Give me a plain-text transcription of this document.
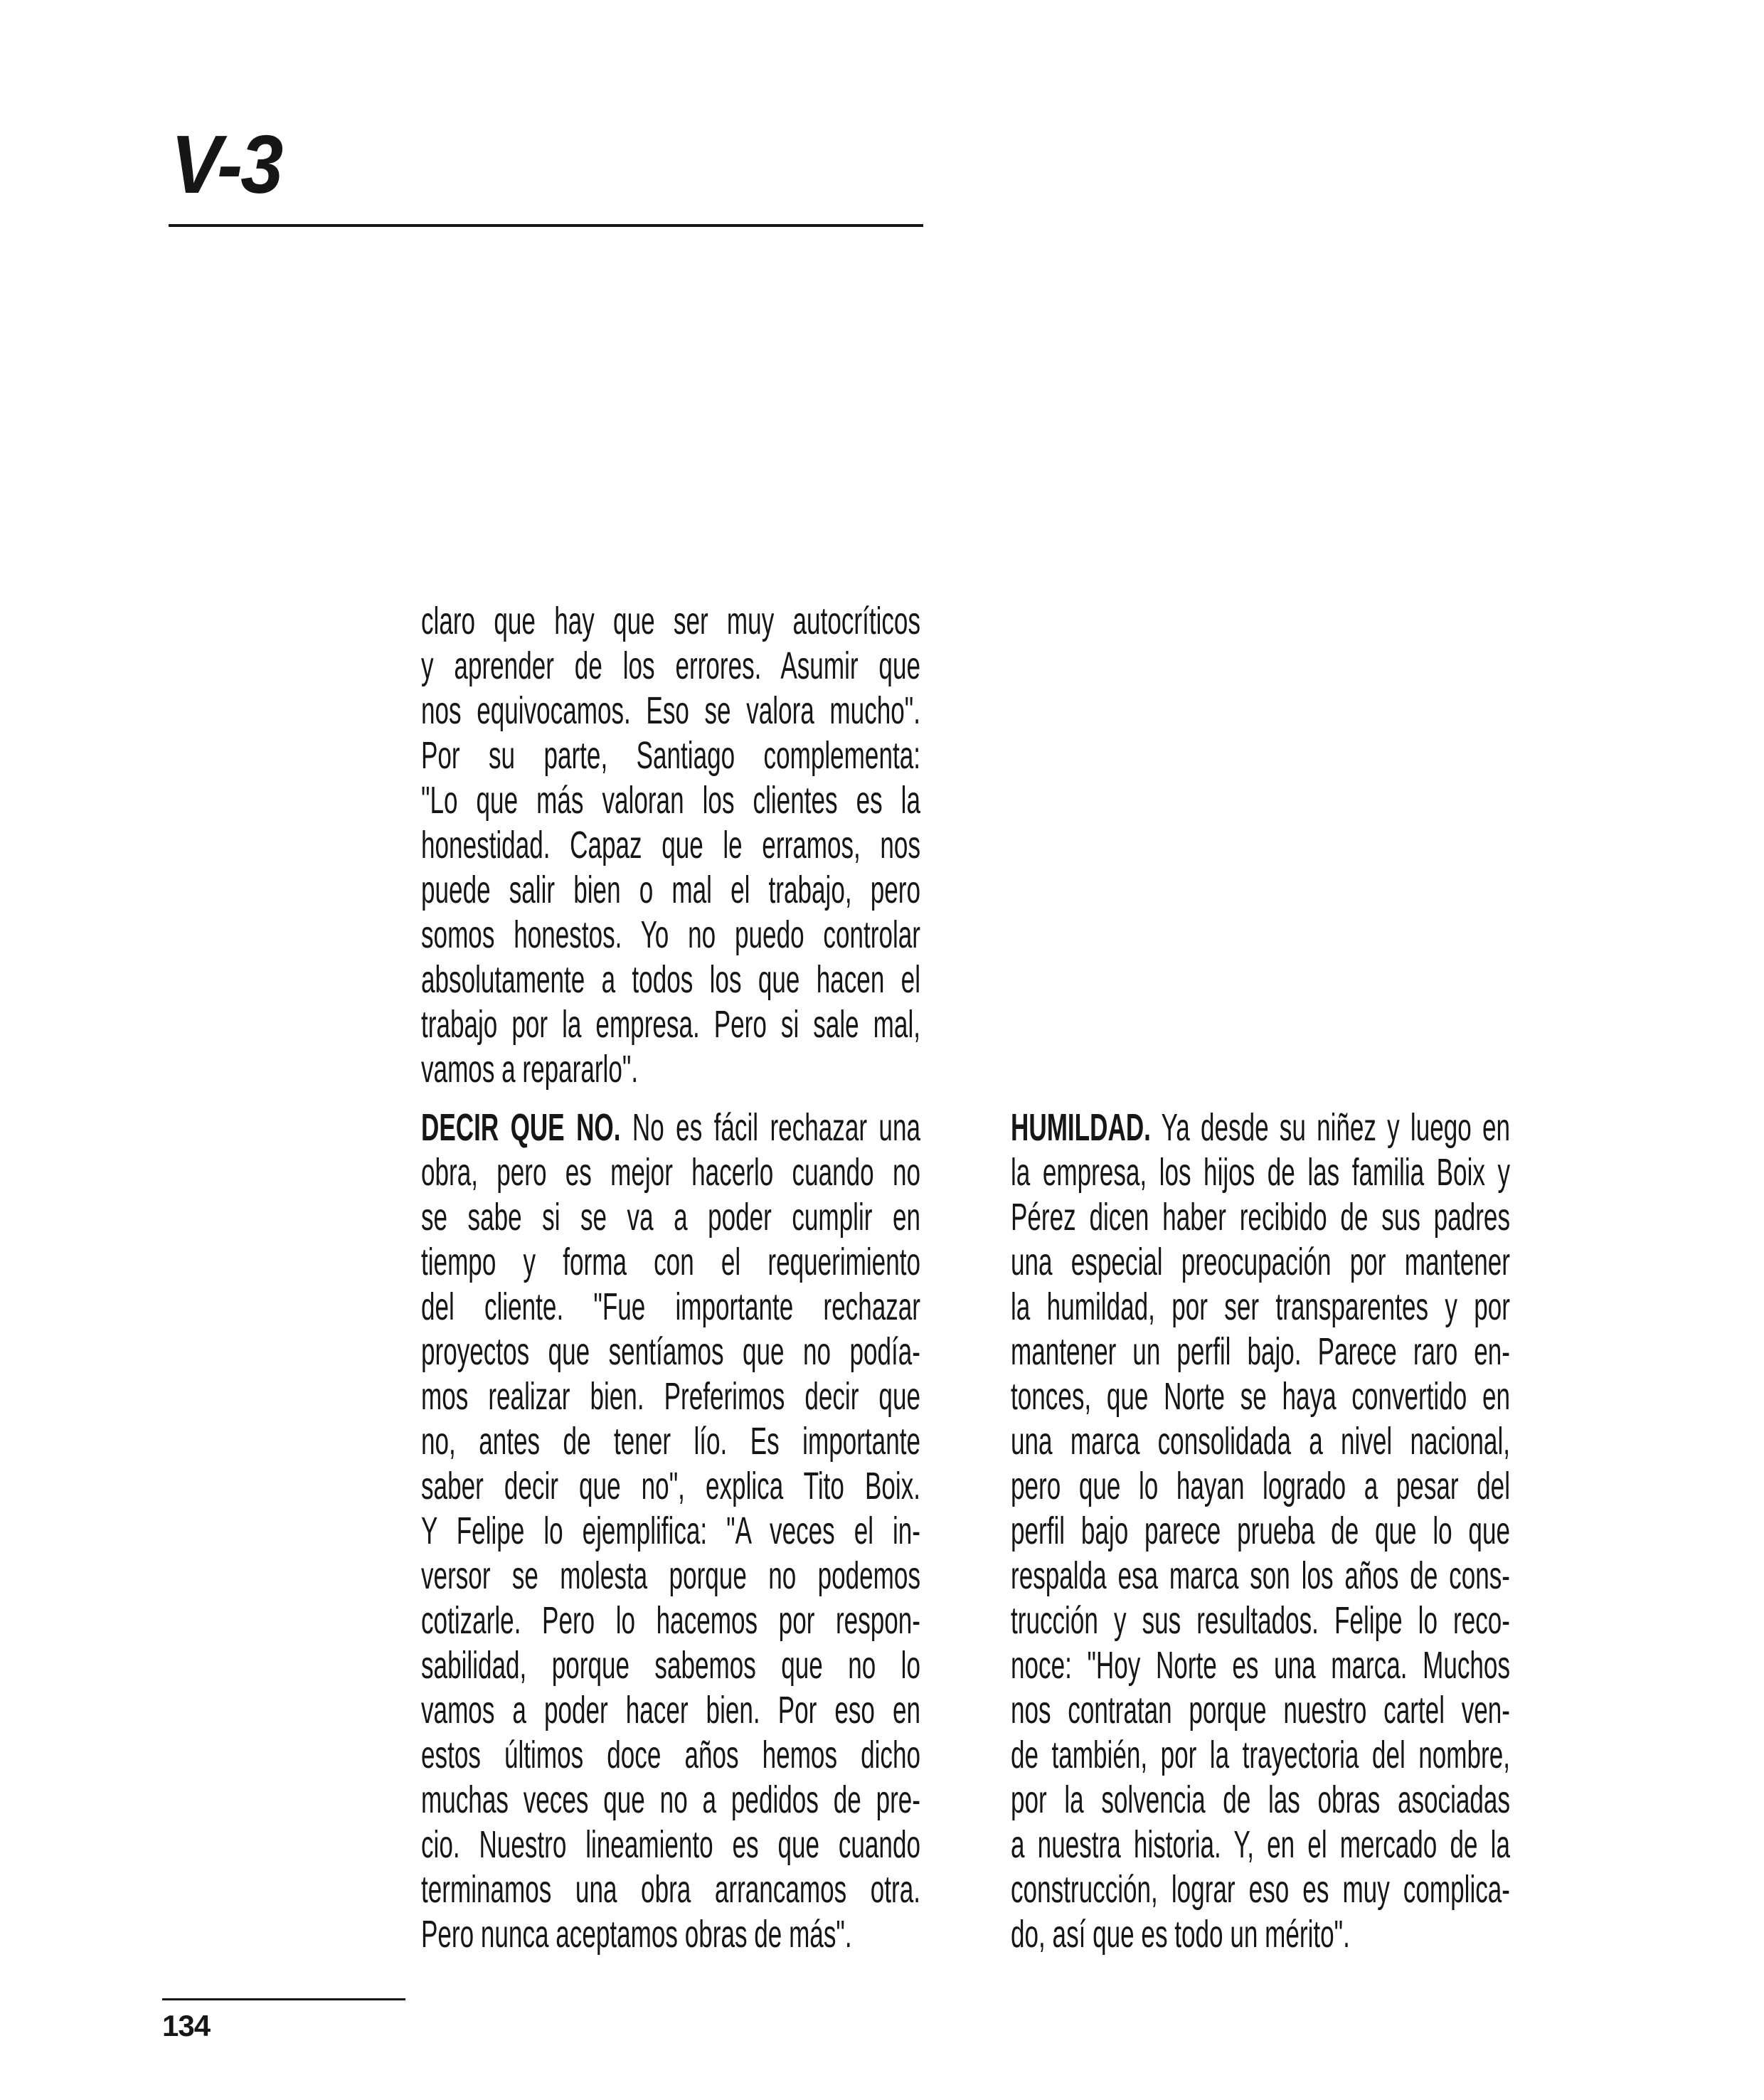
V-3
claro que hay que ser muy autocríticos
y aprender de los errores. Asumir que
nos equivocamos. Eso se valora mucho".
Por su parte, Santiago complementa:
"Lo que más valoran los clientes es la
honestidad. Capaz que le erramos, nos
puede salir bien o mal el trabajo, pero
somos honestos. Yo no puedo controlar
absolutamente a todos los que hacen el
trabajo por la empresa. Pero si sale mal,
vamos a repararlo".
DECIR QUE NO. No es fácil rechazar una
obra, pero es mejor hacerlo cuando no
se sabe si se va a poder cumplir en
tiempo y forma con el requerimiento
del cliente. "Fue importante rechazar
proyectos que sentíamos que no podía-
mos realizar bien. Preferimos decir que
no, antes de tener lío. Es importante
saber decir que no", explica Tito Boix.
Y Felipe lo ejemplifica: "A veces el in-
versor se molesta porque no podemos
cotizarle. Pero lo hacemos por respon-
sabilidad, porque sabemos que no lo
vamos a poder hacer bien. Por eso en
estos últimos doce años hemos dicho
muchas veces que no a pedidos de pre-
cio. Nuestro lineamiento es que cuando
terminamos una obra arrancamos otra.
Pero nunca aceptamos obras de más".
HUMILDAD. Ya desde su niñez y luego en
la empresa, los hijos de las familia Boix y
Pérez dicen haber recibido de sus padres
una especial preocupación por mantener
la humildad, por ser transparentes y por
mantener un perfil bajo. Parece raro en-
tonces, que Norte se haya convertido en
una marca consolidada a nivel nacional,
pero que lo hayan logrado a pesar del
perfil bajo parece prueba de que lo que
respalda esa marca son los años de cons-
trucción y sus resultados. Felipe lo reco-
noce: "Hoy Norte es una marca. Muchos
nos contratan porque nuestro cartel ven-
de también, por la trayectoria del nombre,
por la solvencia de las obras asociadas
a nuestra historia. Y, en el mercado de la
construcción, lograr eso es muy complica-
do, así que es todo un mérito".
134
